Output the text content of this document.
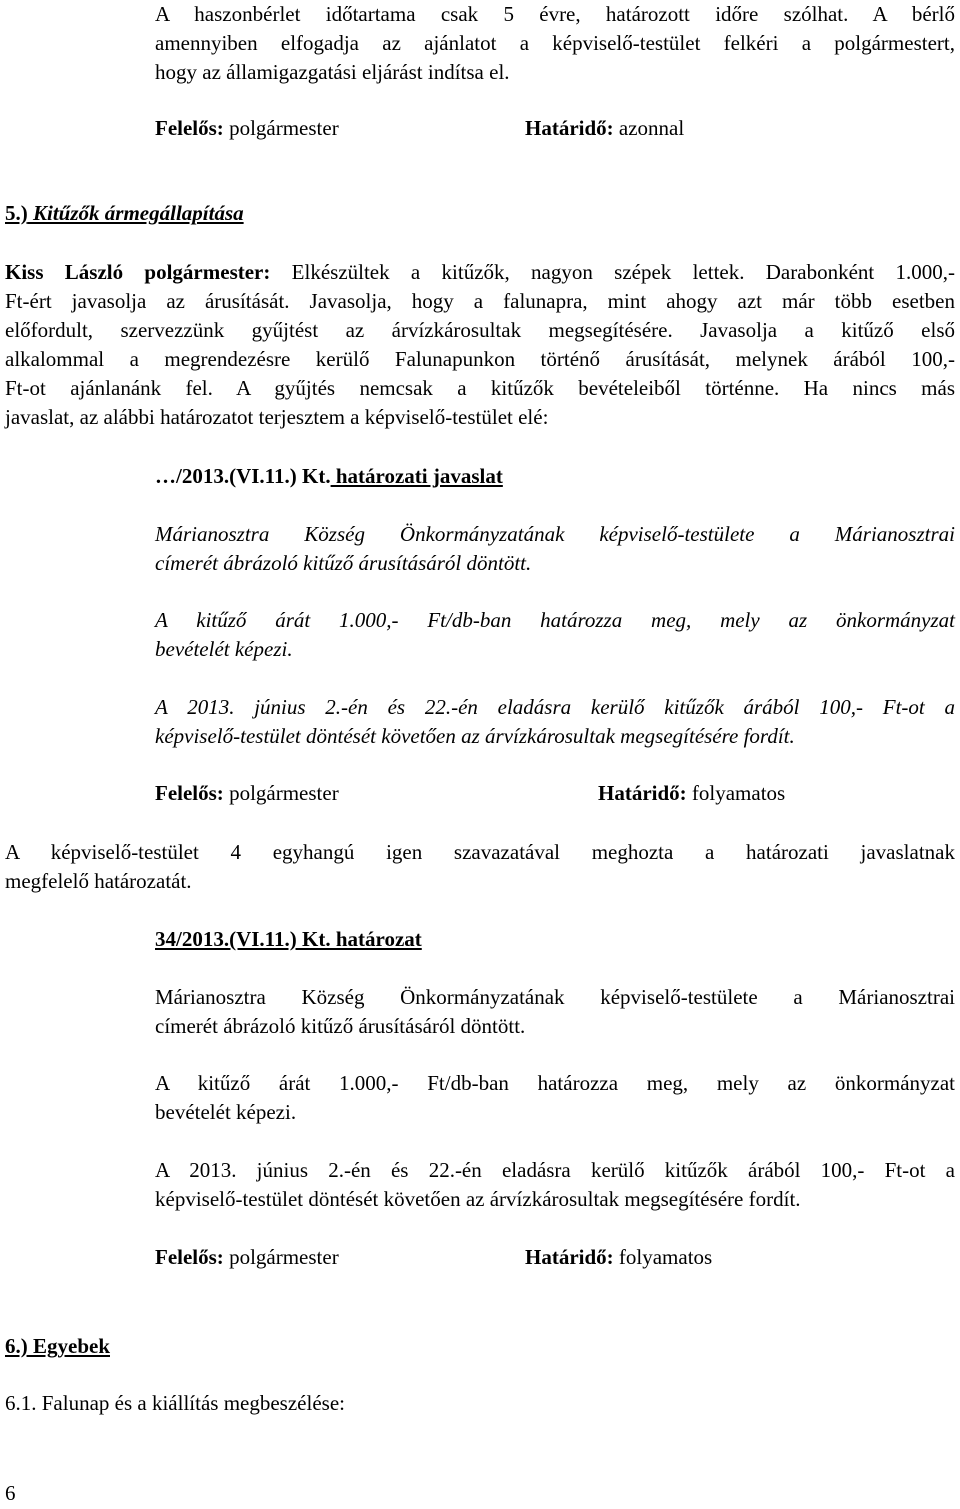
A haszonbérlet időtartama csak 5 évre, határozott időre szólhat. A bérlő
amennyiben elfogadja az ajánlatot a képviselő-testület felkéri a polgármestert,
hogy az államigazgatási eljárást indítsa el.
Felelős: polgármester	Határidő: azonnal
5.) Kitűzők ármegállapítása
Kiss László polgármester: Elkészültek a kitűzők, nagyon szépek lettek. Darabonként 1.000,-
Ft-ért javasolja az árusítását. Javasolja, hogy a falunapra, mint ahogy azt már több esetben
előfordult, szervezzünk gyűjtést az árvízkárosultak megsegítésére. Javasolja a kitűző első
alkalommal a megrendezésre kerülő Falunapunkon történő árusítását, melynek árából 100,-
Ft-ot ajánlanánk fel. A gyűjtés nemcsak a kitűzők bevételeiből történne. Ha nincs más
javaslat, az alábbi határozatot terjesztem a képviselő-testület elé:
…/2013.(VI.11.) Kt. határozati javaslat
Márianosztra Község Önkormányzatának képviselő-testülete a Márianosztrai
címerét ábrázoló kitűző árusításáról döntött.
A kitűző árát 1.000,- Ft/db-ban határozza meg, mely az önkormányzat
bevételét képezi.
A 2013. június 2.-én és 22.-én eladásra kerülő kitűzők árából 100,- Ft-ot a
képviselő-testület döntését követően az árvízkárosultak megsegítésére fordít.
Felelős: polgármester	Határidő: folyamatos
A képviselő-testület 4 egyhangú igen szavazatával meghozta a határozati javaslatnak
megfelelő határozatát.
34/2013.(VI.11.) Kt. határozat
Márianosztra Község Önkormányzatának képviselő-testülete a Márianosztrai
címerét ábrázoló kitűző árusításáról döntött.
A kitűző árát 1.000,- Ft/db-ban határozza meg, mely az önkormányzat
bevételét képezi.
A 2013. június 2.-én és 22.-én eladásra kerülő kitűzők árából 100,- Ft-ot a
képviselő-testület döntését követően az árvízkárosultak megsegítésére fordít.
Felelős: polgármester	Határidő: folyamatos
6.) Egyebek
6.1. Falunap és a kiállítás megbeszélése:
6
